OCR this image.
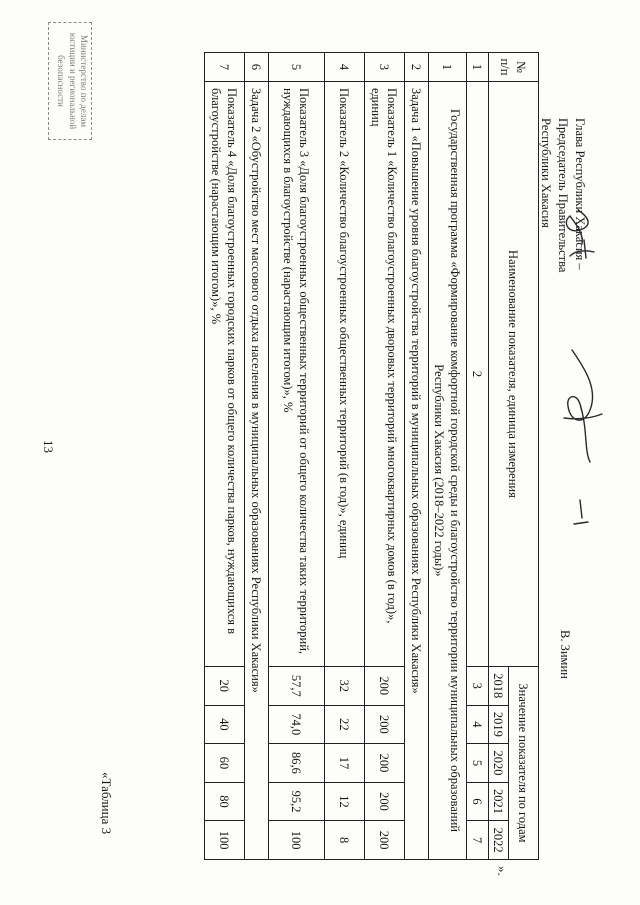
13
«Таблица 3
№
п/п	Наименование показателя, единица измерения	Значение показателя по годам				
		2018	2019	2020	2021	2022
1	2	3	4	5	6	7
1	Государственная программа «Формирование комфортной городской среды и благоустройство территории муниципальных образований Республики Хакасия (2018–2022 годы)»					
2	Задача 1 «Повышение уровня благоустройства территорий в муниципальных образованиях Республики Хакасия»					
3	Показатель 1 «Количество благоустроенных дворовых территорий многоквартирных домов (в год)», единиц	200	200	200	200	200
4	Показатель 2 «Количество благоустроенных общественных территорий (в год)», единиц	32	22	17	12	8
5	Показатель 3 «Доля благоустроенных общественных территорий от общего количества таких территорий, нуждающихся в благоустройстве (нарастающим итогом)», %	57,7	74,0	86,6	95,2	100
6	Задача 2 «Обустройство мест массового отдыха населения в муниципальных образованиях Республики Хакасия»					
7	Показатель 4 «Доля благоустроенных городских парков от общего количества парков, нуждающихся в благоустройстве (нарастающим итогом)», %	20	40	60	80	100
».
Глава Республики Хакасия –
Председатель Правительства
Республики Хакасия
В. Зимин
Министерство по делам
юстиции и региональной
безопасности
